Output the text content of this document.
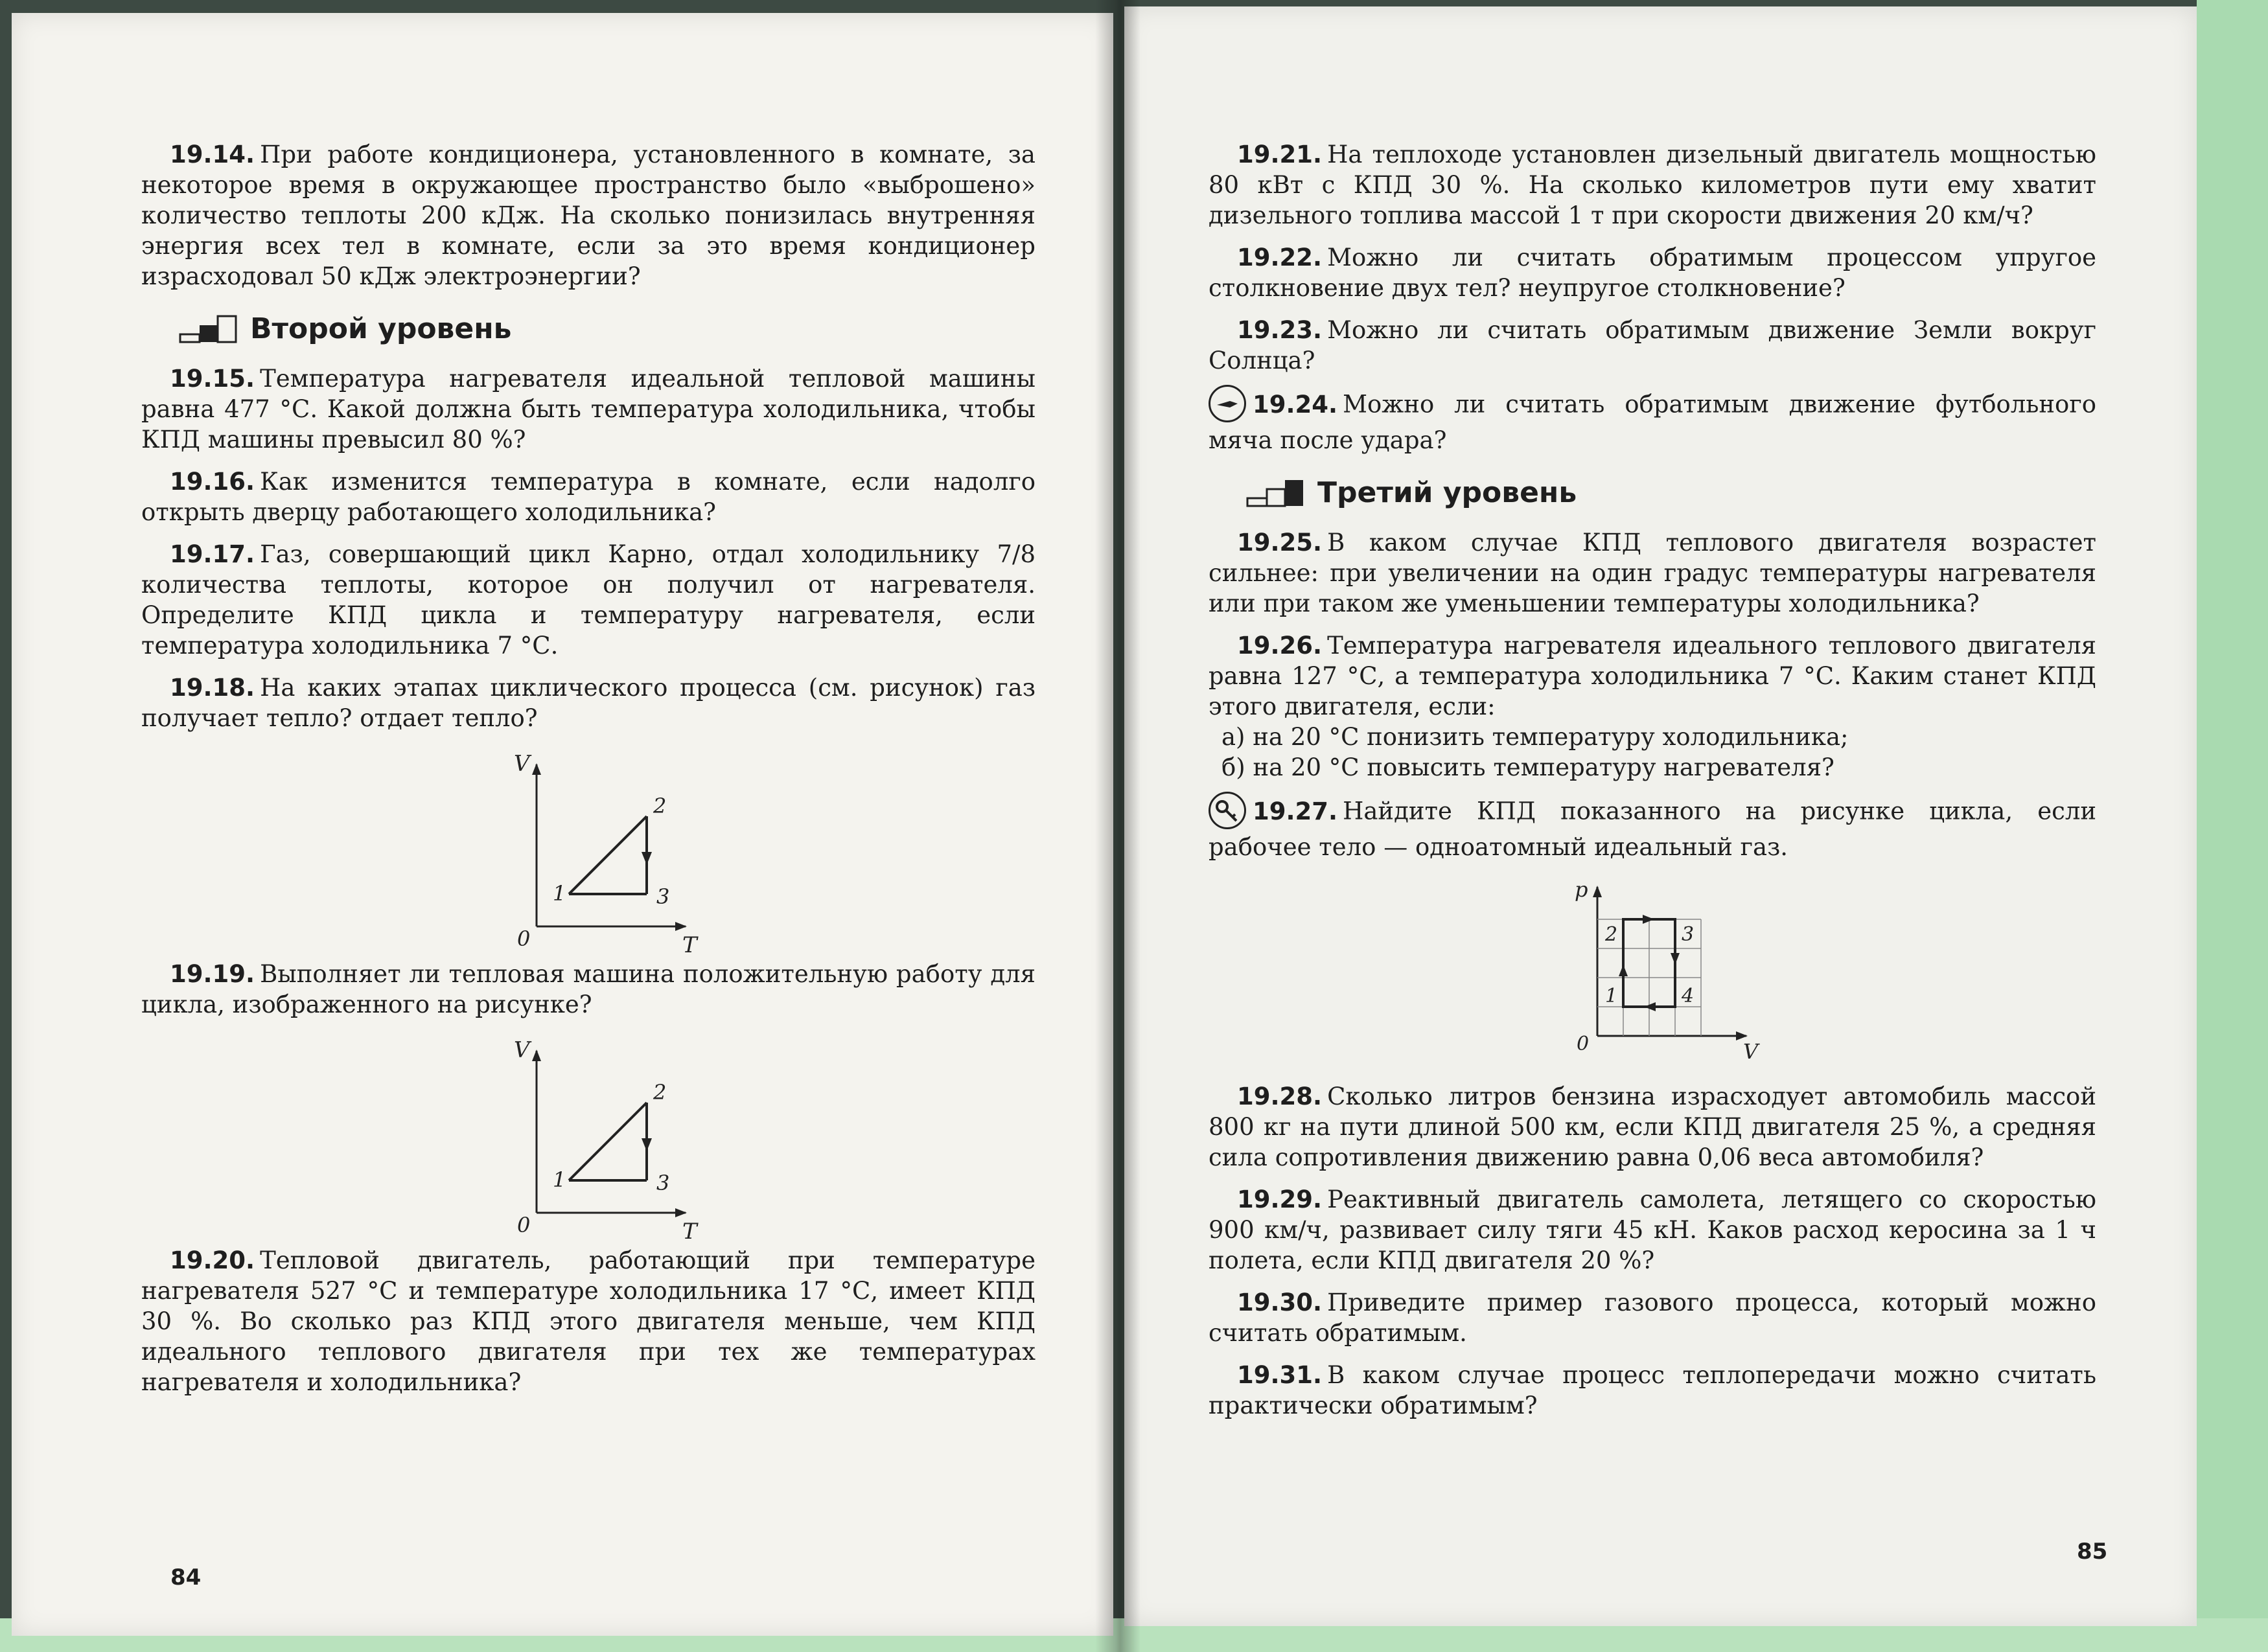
19.14. При работе кондиционера, установленного в комнате, за некоторое время в окружающее пространство было «выброшено» количество теплоты 200 кДж. На сколько понизилась внутренняя энергия всех тел в комнате, если за это время кондиционер израсходовал 50 кДж электроэнергии?

Второй уровень

19.15. Температура нагревателя идеальной тепловой машины равна 477 °С. Какой должна быть температура холодильника, чтобы КПД машины превысил 80 %?

19.16. Как изменится температура в комнате, если надолго открыть дверцу работающего холодильника?

19.17. Газ, совершающий цикл Карно, отдал холодильнику 7/8 количества теплоты, которое он получил от нагревателя. Определите КПД цикла и температуру нагревателя, если температура холодильника 7 °С.

19.18. На каких этапах циклического процесса (см. рисунок) газ получает тепло? отдает тепло?

V
T
0
1
2
3

19.19. Выполняет ли тепловая машина положительную работу для цикла, изображенного на рисунке?

V
T
0
1
2
3

19.20. Тепловой двигатель, работающий при температуре нагревателя 527 °С и температуре холодильника 17 °С, имеет КПД 30 %. Во сколько раз КПД этого двигателя меньше, чем КПД идеального теплового двигателя при тех же температурах нагревателя и холодильника?

84

19.21. На теплоходе установлен дизельный двигатель мощностью 80 кВт с КПД 30 %. На сколько километров пути ему хватит дизельного топлива массой 1 т при скорости движения 20 км/ч?

19.22. Можно ли считать обратимым процессом упругое столкновение двух тел? неупругое столкновение?

19.23. Можно ли считать обратимым движение Земли вокруг Солнца?

19.24. Можно ли считать обратимым движение футбольного мяча после удара?

Третий уровень

19.25. В каком случае КПД теплового двигателя возрастет сильнее: при увеличении на один градус температуры нагревателя или при таком же уменьшении температуры холодильника?

19.26. Температура нагревателя идеального теплового двигателя равна 127 °С, а температура холодильника 7 °С. Каким станет КПД этого двигателя, если:
а) на 20 °С понизить температуру холодильника;
б) на 20 °С повысить температуру нагревателя?

19.27. Найдите КПД показанного на рисунке цикла, если рабочее тело — одноатомный идеальный газ.

p
V
0
1
2	3
4

19.28. Сколько литров бензина израсходует автомобиль массой 800 кг на пути длиной 500 км, если КПД двигателя 25 %, а средняя сила сопротивления движению равна 0,06 веса автомобиля?

19.29. Реактивный двигатель самолета, летящего со скоростью 900 км/ч, развивает силу тяги 45 кН. Каков расход керосина за 1 ч полета, если КПД двигателя 20 %?

19.30. Приведите пример газового процесса, который можно считать обратимым.

19.31. В каком случае процесс теплопередачи можно считать практически обратимым?

85
